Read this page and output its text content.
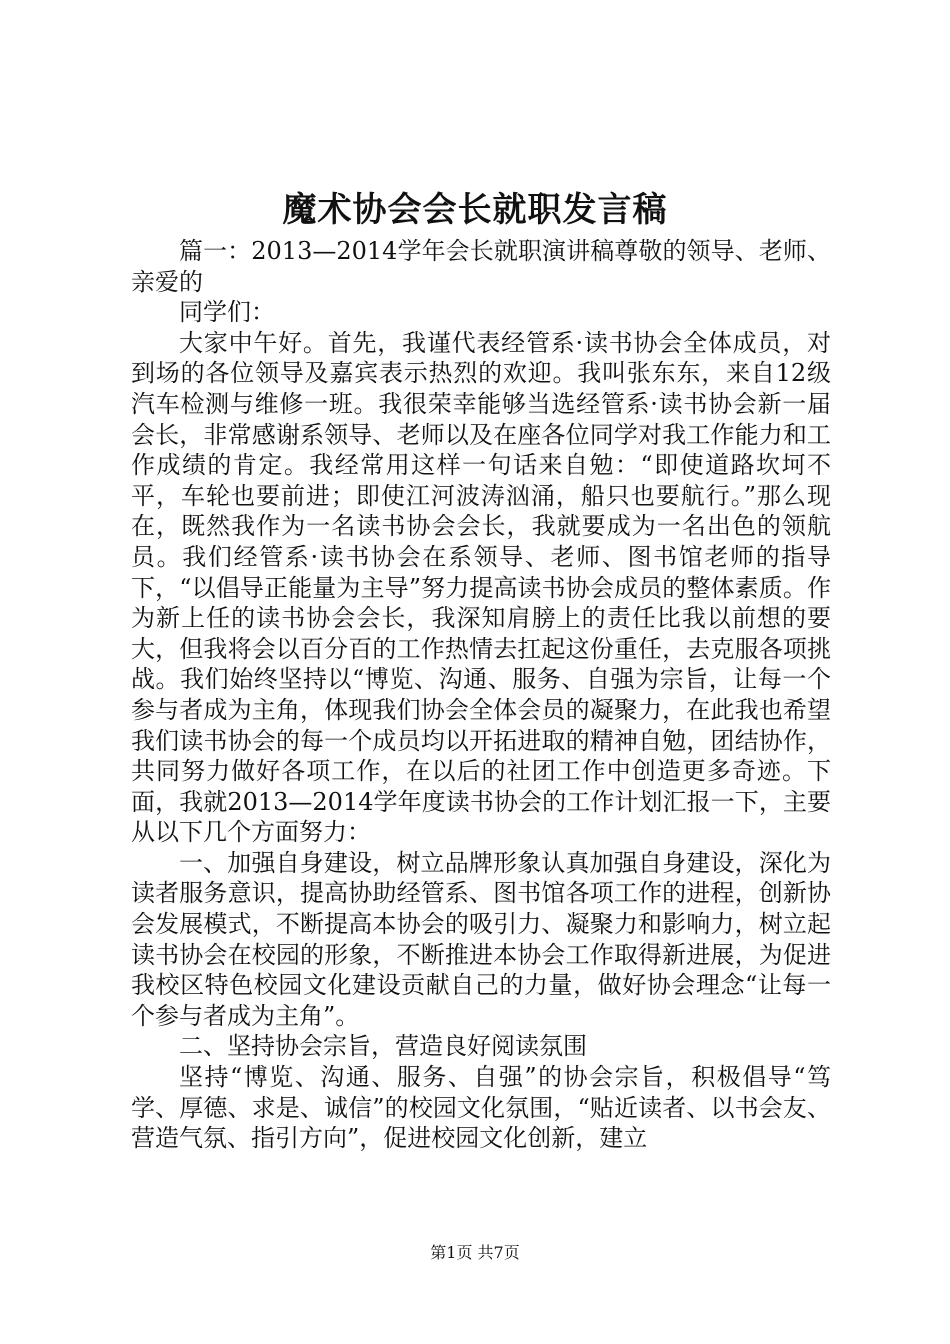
魔术协会会长就职发言稿

篇一：2013—2014学年会长就职演讲稿尊敬的领导、老师、亲爱的

同学们：

大家中午好。首先，我谨代表经管系·读书协会全体成员，对到场的各位领导及嘉宾表示热烈的欢迎。我叫张东东，来自12级汽车检测与维修一班。我很荣幸能够当选经管系·读书协会新一届会长，非常感谢系领导、老师以及在座各位同学对我工作能力和工作成绩的肯定。我经常用这样一句话来自勉：“即使道路坎坷不平，车轮也要前进；即使江河波涛汹涌，船只也要航行。”那么现在，既然我作为一名读书协会会长，我就要成为一名出色的领航员。我们经管系·读书协会在系领导、老师、图书馆老师的指导下，“以倡导正能量为主导”努力提高读书协会成员的整体素质。作为新上任的读书协会会长，我深知肩膀上的责任比我以前想的要大，但我将会以百分百的工作热情去扛起这份重任，去克服各项挑战。我们始终坚持以“博览、沟通、服务、自强为宗旨，让每一个参与者成为主角，体现我们协会全体会员的凝聚力，在此我也希望我们读书协会的每一个成员均以开拓进取的精神自勉，团结协作，共同努力做好各项工作，在以后的社团工作中创造更多奇迹。下面，我就2013—2014学年度读书协会的工作计划汇报一下，主要从以下几个方面努力：

一、加强自身建设，树立品牌形象认真加强自身建设，深化为读者服务意识，提高协助经管系、图书馆各项工作的进程，创新协会发展模式，不断提高本协会的吸引力、凝聚力和影响力，树立起读书协会在校园的形象，不断推进本协会工作取得新进展，为促进我校区特色校园文化建设贡献自己的力量，做好协会理念“让每一个参与者成为主角”。

二、坚持协会宗旨，营造良好阅读氛围

坚持“博览、沟通、服务、自强”的协会宗旨，积极倡导“笃学、厚德、求是、诚信”的校园文化氛围，“贴近读者、以书会友、营造气氛、指引方向”，促进校园文化创新，建立

第1页 共7页
